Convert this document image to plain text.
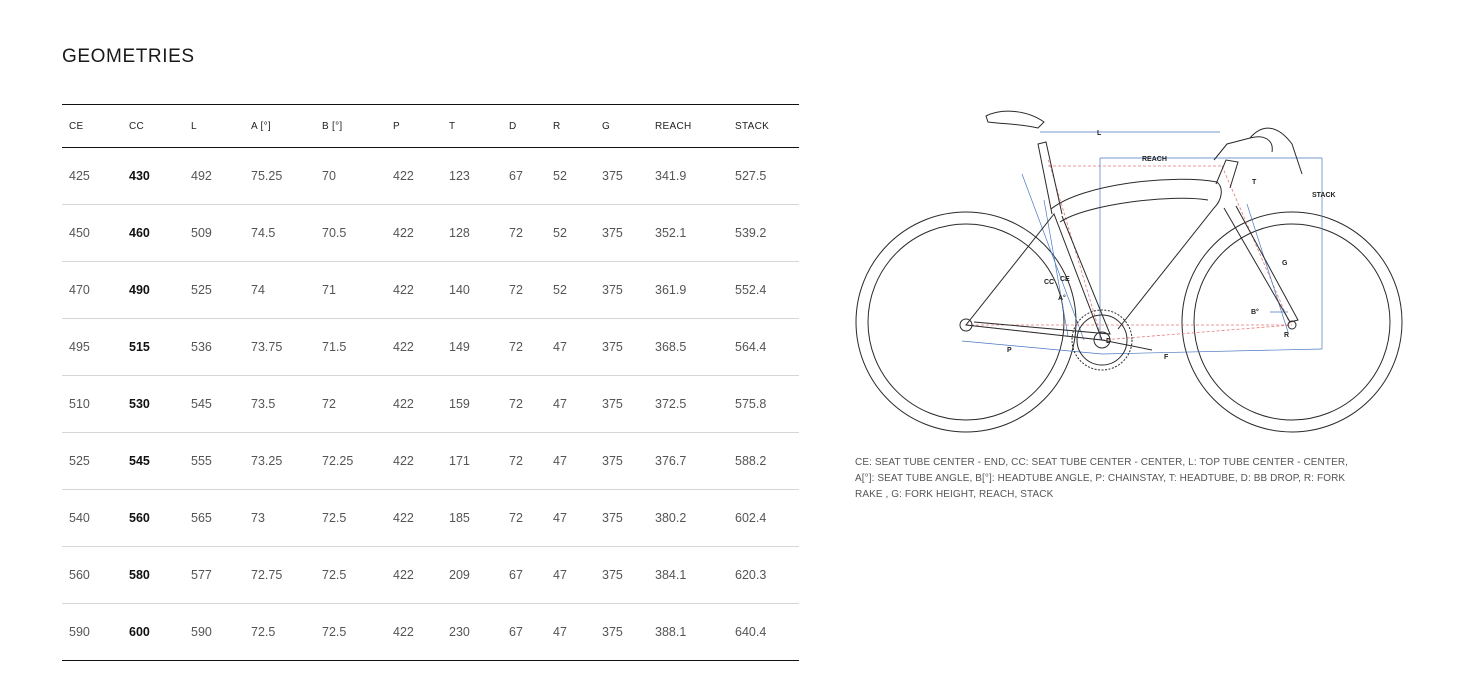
GEOMETRIES
CE	CC	L	A [°]	B [°]	P	T	D	R	G	REACH	STACK
425	430	492	75.25	70	422	123	67	52	375	341.9	527.5
450	460	509	74.5	70.5	422	128	72	52	375	352.1	539.2
470	490	525	74	71	422	140	72	52	375	361.9	552.4
495	515	536	73.75	71.5	422	149	72	47	375	368.5	564.4
510	530	545	73.5	72	422	159	72	47	375	372.5	575.8
525	545	555	73.25	72.25	422	171	72	47	375	376.7	588.2
540	560	565	73	72.5	422	185	72	47	375	380.2	602.4
560	580	577	72.75	72.5	422	209	67	47	375	384.1	620.3
590	600	590	72.5	72.5	422	230	67	47	375	388.1	640.4
L
REACH
STACK
T
G
CC CE
A°
B°
D
P
F
R
CE: SEAT TUBE CENTER - END, CC: SEAT TUBE CENTER - CENTER, L: TOP TUBE CENTER - CENTER, A[°]: SEAT TUBE ANGLE, B[°]: HEADTUBE ANGLE, P: CHAINSTAY, T: HEADTUBE, D: BB DROP, R: FORK RAKE , G: FORK HEIGHT, REACH, STACK
